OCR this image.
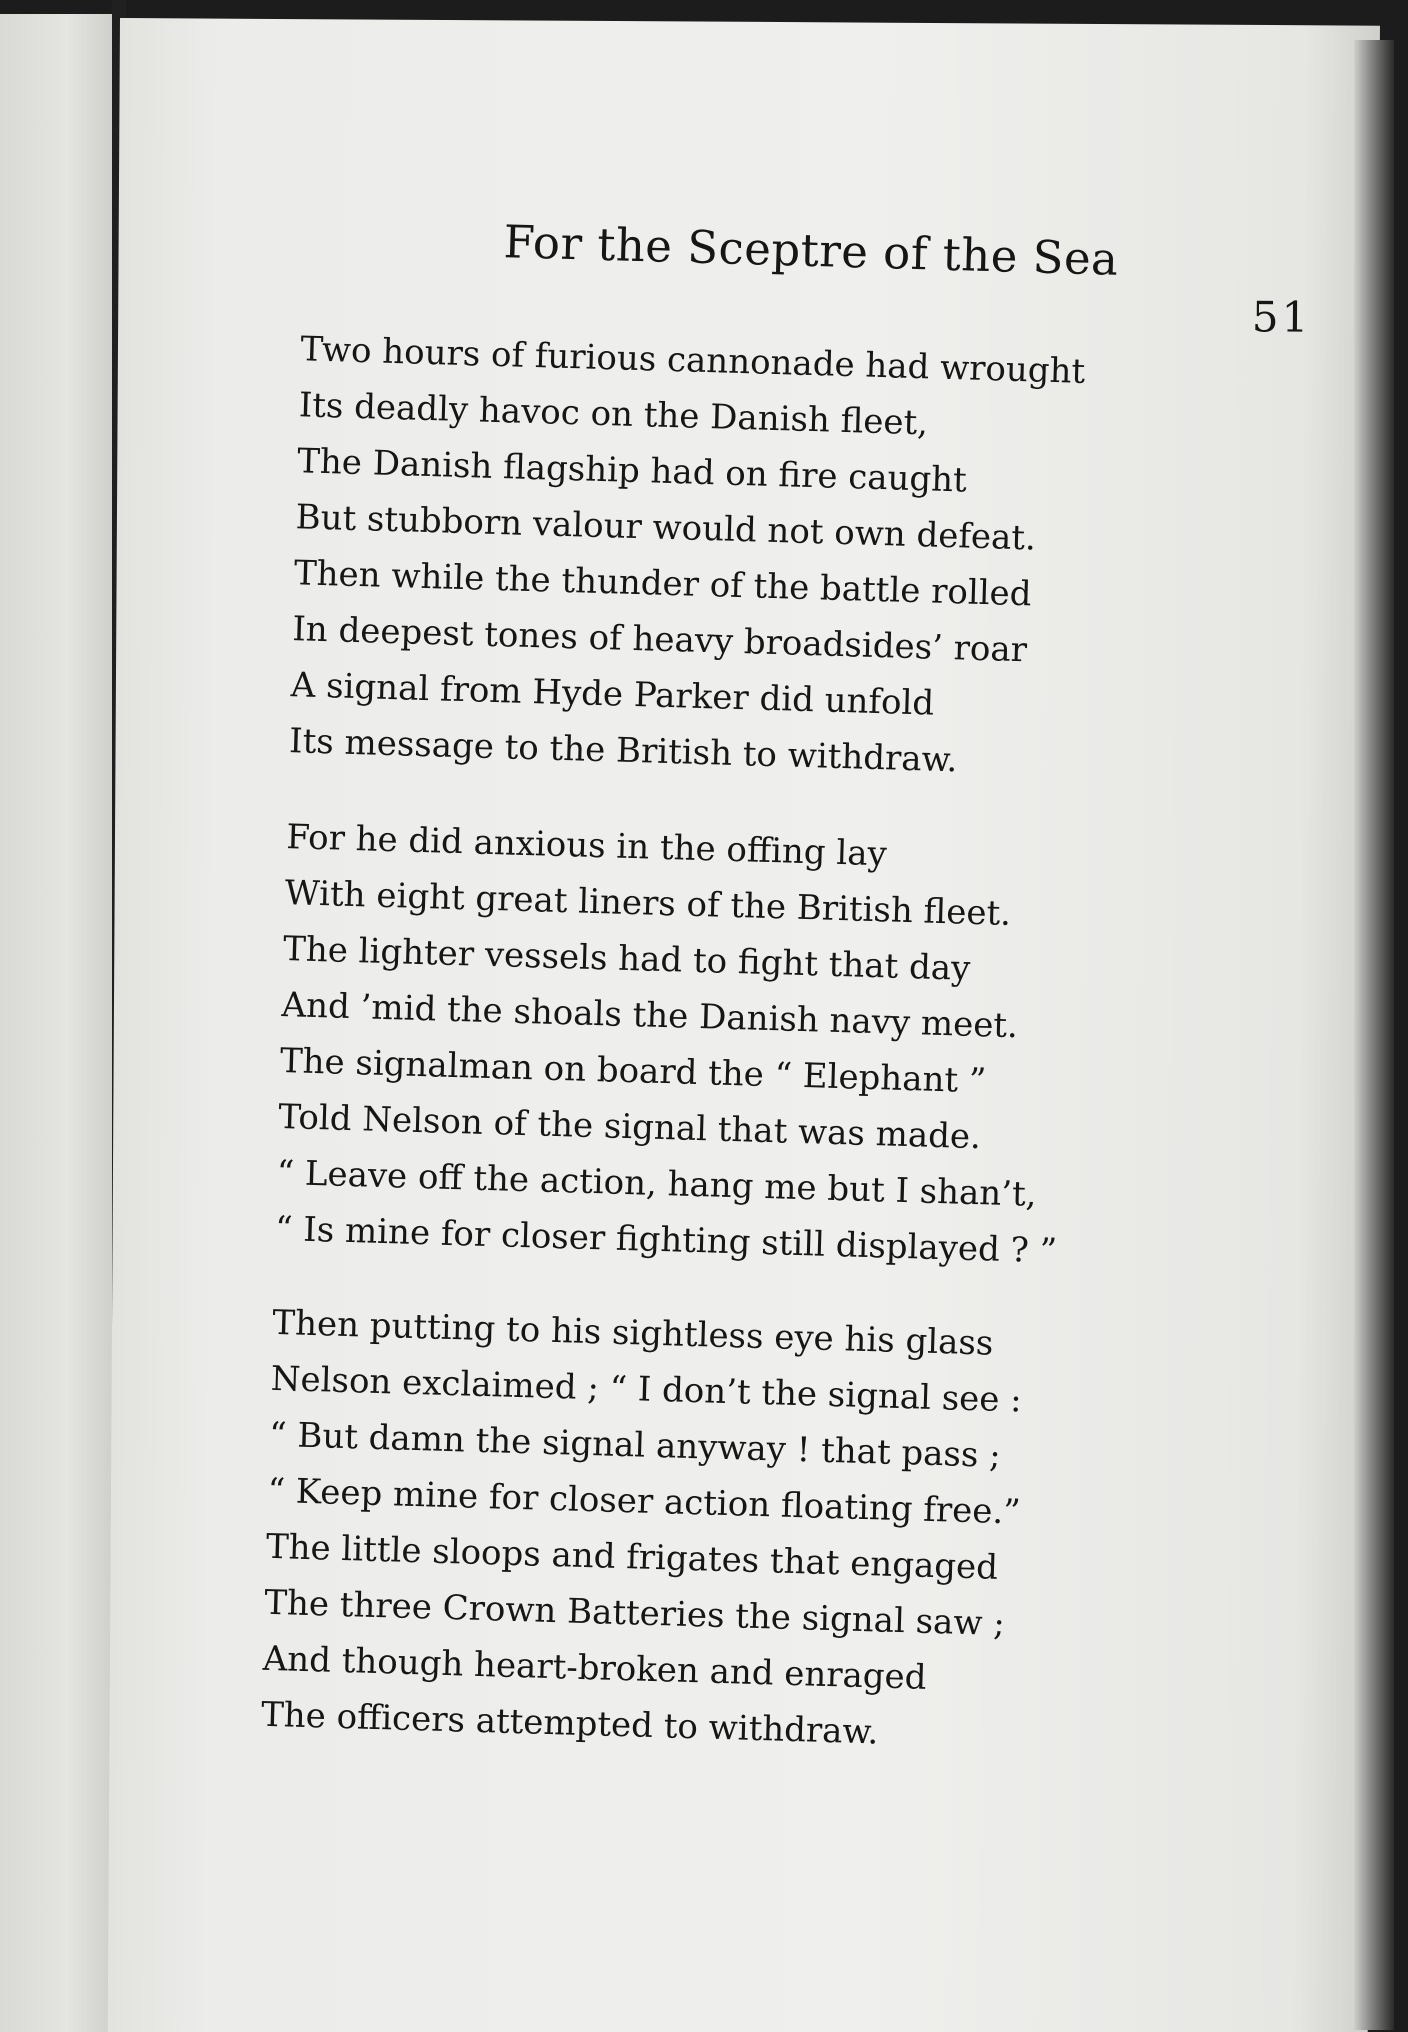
For the Sceptre of the Sea
51
Two hours of furious cannonade had wrought
Its deadly havoc on the Danish fleet,
The Danish flagship had on fire caught
But stubborn valour would not own defeat.
Then while the thunder of the battle rolled
In deepest tones of heavy broadsides’ roar
A signal from Hyde Parker did unfold
Its message to the British to withdraw.
For he did anxious in the offing lay
With eight great liners of the British fleet.
The lighter vessels had to fight that day
And ’mid the shoals the Danish navy meet.
The signalman on board the “ Elephant ”
Told Nelson of the signal that was made.
“ Leave off the action, hang me but I shan’t,
“ Is mine for closer fighting still displayed ? ”
Then putting to his sightless eye his glass
Nelson exclaimed ; “ I don’t the signal see :
“ But damn the signal anyway ! that pass ;
“ Keep mine for closer action floating free.”
The little sloops and frigates that engaged
The three Crown Batteries the signal saw ;
And though heart-broken and enraged
The officers attempted to withdraw.
